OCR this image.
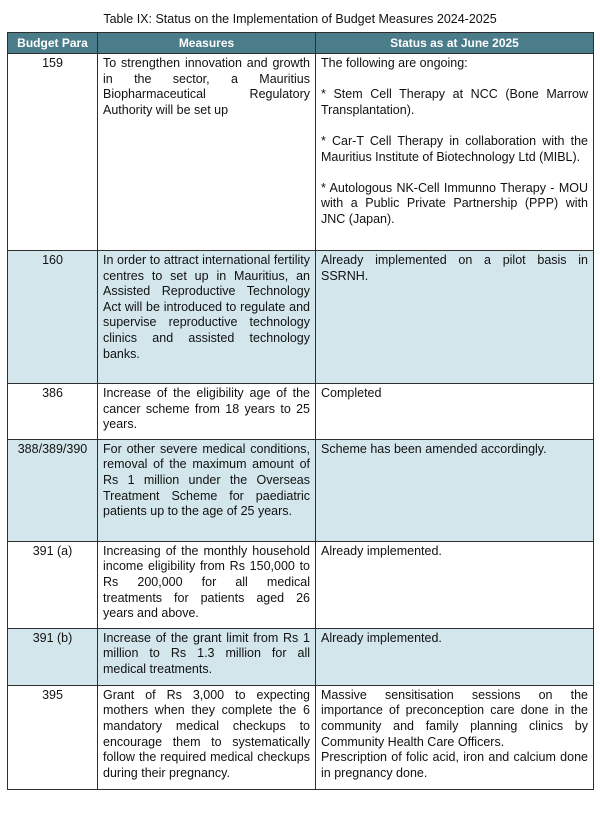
Table IX: Status on the Implementation of Budget Measures 2024-2025
Budget Para	Measures	Status as at June 2025
159	To strengthen innovation and growth in the sector, a Mauritius Biopharmaceutical Regulatory Authority will be set up	The following are ongoing:

* Stem Cell Therapy at NCC (Bone Marrow Transplantation).

* Car-T Cell Therapy in collaboration with the Mauritius Institute of Biotechnology Ltd (MIBL).

* Autologous NK-Cell Immunno Therapy - MOU with a Public Private Partnership (PPP) with JNC (Japan).

160	In order to attract international fertility centres to set up in Mauritius, an Assisted Reproductive Technology Act will be introduced to regulate and supervise reproductive technology clinics and assisted technology banks.	Already implemented on a pilot basis in SSRNH.

386	Increase of the eligibility age of the cancer scheme from 18 years to 25 years.	Completed

388/389/390	For other severe medical conditions, removal of the maximum amount of Rs 1 million under the Overseas Treatment Scheme for paediatric patients up to the age of 25 years.	Scheme has been amended accordingly.

391 (a)	Increasing of the monthly household income eligibility from Rs 150,000 to Rs 200,000 for all medical treatments for patients aged 26 years and above.	Already implemented.

391 (b)	Increase of the grant limit from Rs 1 million to Rs 1.3 million for all medical treatments.	Already implemented.

395	Grant of Rs 3,000 to expecting mothers when they complete the 6 mandatory medical checkups to encourage them to systematically follow the required medical checkups during their pregnancy.	Massive sensitisation sessions on the importance of preconception care done in the community and family planning clinics by Community Health Care Officers.

Prescription of folic acid, iron and calcium done in pregnancy done.
